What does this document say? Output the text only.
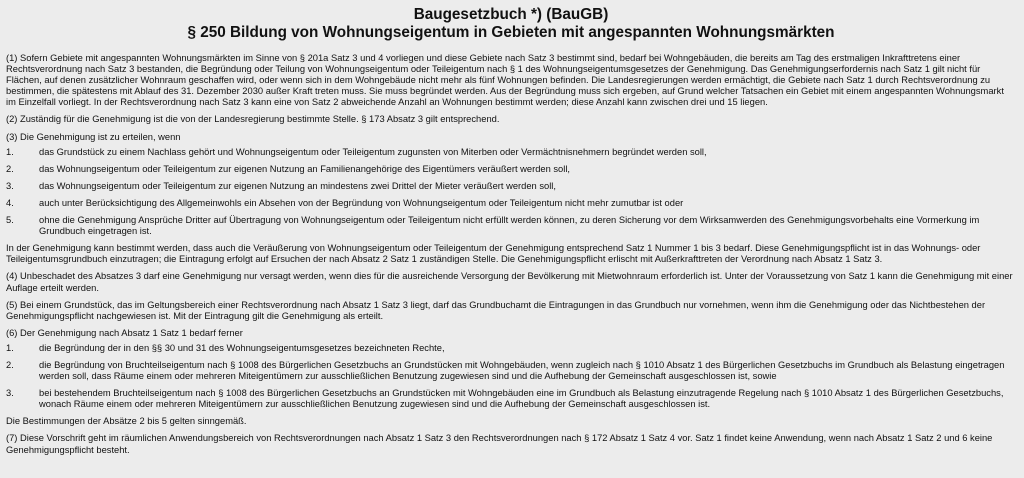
Baugesetzbuch *) (BauGB)
§ 250 Bildung von Wohnungseigentum in Gebieten mit angespannten Wohnungsmärkten

(1) Sofern Gebiete mit angespannten Wohnungsmärkten im Sinne von § 201a Satz 3 und 4 vorliegen und diese Gebiete nach Satz 3 bestimmt sind, bedarf bei Wohngebäuden, die bereits am Tag des erstmaligen Inkrafttretens einer Rechtsverordnung nach Satz 3 bestanden, die Begründung oder Teilung von Wohnungseigentum oder Teileigentum nach § 1 des Wohnungseigentumsgesetzes der Genehmigung. Das Genehmigungserfordernis nach Satz 1 gilt nicht für Flächen, auf denen zusätzlicher Wohnraum geschaffen wird, oder wenn sich in dem Wohngebäude nicht mehr als fünf Wohnungen befinden. Die Landesregierungen werden ermächtigt, die Gebiete nach Satz 1 durch Rechtsverordnung zu bestimmen, die spätestens mit Ablauf des 31. Dezember 2030 außer Kraft treten muss. Sie muss begründet werden. Aus der Begründung muss sich ergeben, auf Grund welcher Tatsachen ein Gebiet mit einem angespannten Wohnungsmarkt im Einzelfall vorliegt. In der Rechtsverordnung nach Satz 3 kann eine von Satz 2 abweichende Anzahl an Wohnungen bestimmt werden; diese Anzahl kann zwischen drei und 15 liegen.

(2) Zuständig für die Genehmigung ist die von der Landesregierung bestimmte Stelle. § 173 Absatz 3 gilt entsprechend.

(3) Die Genehmigung ist zu erteilen, wenn

1.	das Grundstück zu einem Nachlass gehört und Wohnungseigentum oder Teileigentum zugunsten von Miterben oder Vermächtnisnehmern begründet werden soll,
2.	das Wohnungseigentum oder Teileigentum zur eigenen Nutzung an Familienangehörige des Eigentümers veräußert werden soll,
3.	das Wohnungseigentum oder Teileigentum zur eigenen Nutzung an mindestens zwei Drittel der Mieter veräußert werden soll,
4.	auch unter Berücksichtigung des Allgemeinwohls ein Absehen von der Begründung von Wohnungseigentum oder Teileigentum nicht mehr zumutbar ist oder
5.	ohne die Genehmigung Ansprüche Dritter auf Übertragung von Wohnungseigentum oder Teileigentum nicht erfüllt werden können, zu deren Sicherung vor dem Wirksamwerden des Genehmigungsvorbehalts eine Vormerkung im Grundbuch eingetragen ist.

In der Genehmigung kann bestimmt werden, dass auch die Veräußerung von Wohnungseigentum oder Teileigentum der Genehmigung entsprechend Satz 1 Nummer 1 bis 3 bedarf. Diese Genehmigungspflicht ist in das Wohnungs- oder Teileigentumsgrundbuch einzutragen; die Eintragung erfolgt auf Ersuchen der nach Absatz 2 Satz 1 zuständigen Stelle. Die Genehmigungspflicht erlischt mit Außerkrafttreten der Verordnung nach Absatz 1 Satz 3.

(4) Unbeschadet des Absatzes 3 darf eine Genehmigung nur versagt werden, wenn dies für die ausreichende Versorgung der Bevölkerung mit Mietwohnraum erforderlich ist. Unter der Voraussetzung von Satz 1 kann die Genehmigung mit einer Auflage erteilt werden.

(5) Bei einem Grundstück, das im Geltungsbereich einer Rechtsverordnung nach Absatz 1 Satz 3 liegt, darf das Grundbuchamt die Eintragungen in das Grundbuch nur vornehmen, wenn ihm die Genehmigung oder das Nichtbestehen der Genehmigungspflicht nachgewiesen ist. Mit der Eintragung gilt die Genehmigung als erteilt.

(6) Der Genehmigung nach Absatz 1 Satz 1 bedarf ferner

1.	die Begründung der in den §§ 30 und 31 des Wohnungseigentumsgesetzes bezeichneten Rechte,
2.	die Begründung von Bruchteilseigentum nach § 1008 des Bürgerlichen Gesetzbuchs an Grundstücken mit Wohngebäuden, wenn zugleich nach § 1010 Absatz 1 des Bürgerlichen Gesetzbuchs im Grundbuch als Belastung eingetragen werden soll, dass Räume einem oder mehreren Miteigentümern zur ausschließlichen Benutzung zugewiesen sind und die Aufhebung der Gemeinschaft ausgeschlossen ist, sowie
3.	bei bestehendem Bruchteilseigentum nach § 1008 des Bürgerlichen Gesetzbuchs an Grundstücken mit Wohngebäuden eine im Grundbuch als Belastung einzutragende Regelung nach § 1010 Absatz 1 des Bürgerlichen Gesetzbuchs, wonach Räume einem oder mehreren Miteigentümern zur ausschließlichen Benutzung zugewiesen sind und die Aufhebung der Gemeinschaft ausgeschlossen ist.

Die Bestimmungen der Absätze 2 bis 5 gelten sinngemäß.

(7) Diese Vorschrift geht im räumlichen Anwendungsbereich von Rechtsverordnungen nach Absatz 1 Satz 3 den Rechtsverordnungen nach § 172 Absatz 1 Satz 4 vor. Satz 1 findet keine Anwendung, wenn nach Absatz 1 Satz 2 und 6 keine Genehmigungspflicht besteht.
